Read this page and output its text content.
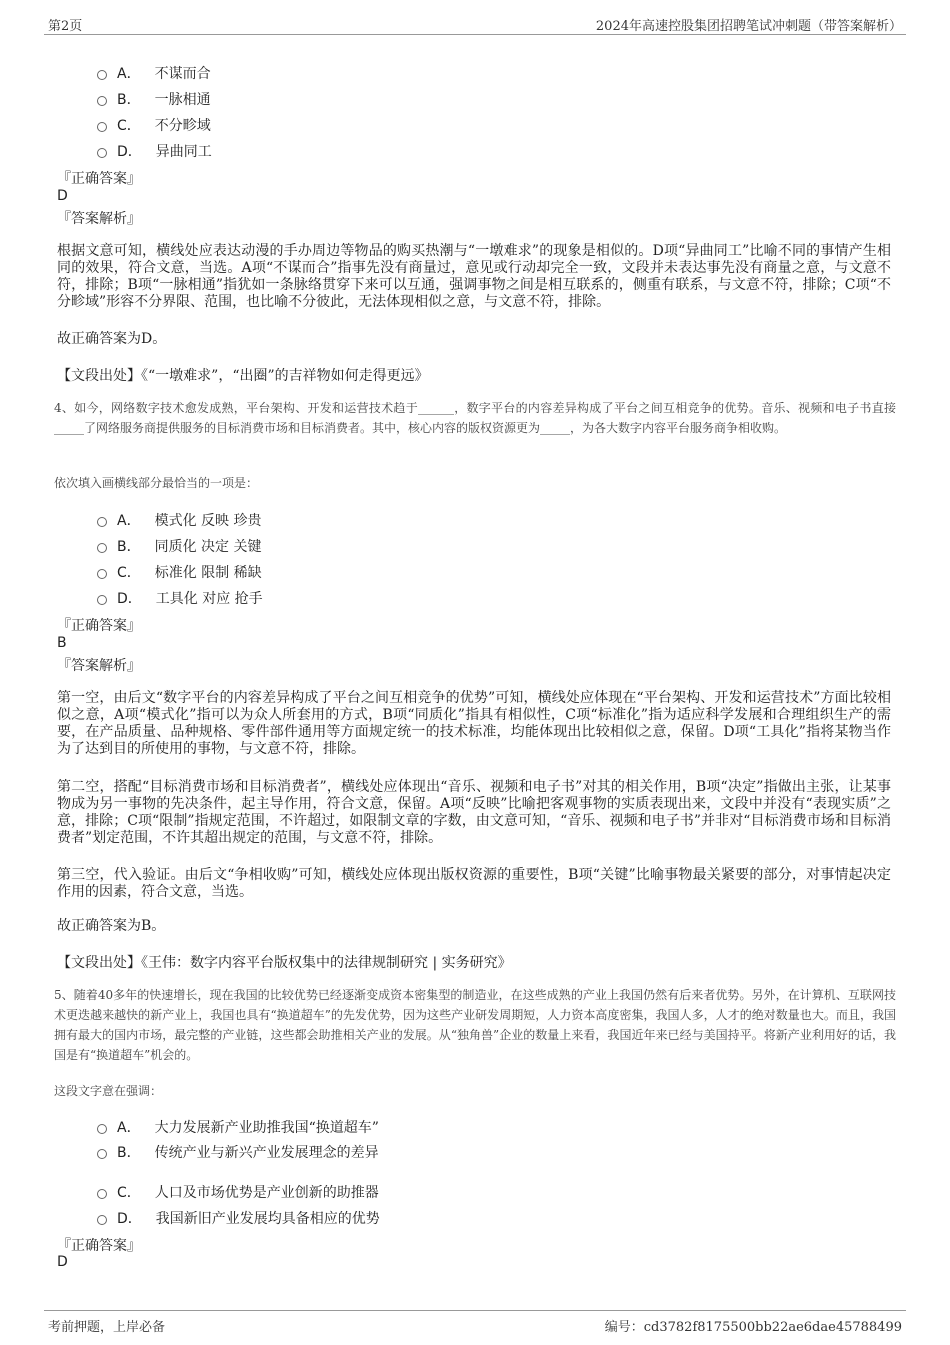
第2页	2024年高速控股集团招聘笔试冲刺题（带答案解析）
A． 不谋而合
B． 一脉相通
C． 不分畛域
D． 异曲同工
『正确答案』
D
『答案解析』
根据文意可知，横线处应表达动漫的手办周边等物品的购买热潮与“一墩难求”的现象是相似的。D项“异曲同工”比喻不同的事情产生相同的效果，符合文意，当选。A项“不谋而合”指事先没有商量过，意见或行动却完全一致，文段并未表达事先没有商量之意，与文意不符，排除；B项“一脉相通”指犹如一条脉络贯穿下来可以互通，强调事物之间是相互联系的，侧重有联系，与文意不符，排除；C项“不分畛域”形容不分界限、范围，也比喻不分彼此，无法体现相似之意，与文意不符，排除。
故正确答案为D。
【文段出处】《“一墩难求”，“出圈”的吉祥物如何走得更远》
4、如今，网络数字技术愈发成熟，平台架构、开发和运营技术趋于______，数字平台的内容差异构成了平台之间互相竞争的优势。音乐、视频和电子书直接_____了网络服务商提供服务的目标消费市场和目标消费者。其中，核心内容的版权资源更为_____，为各大数字内容平台服务商争相收购。
依次填入画横线部分最恰当的一项是：
A． 模式化 反映 珍贵
B． 同质化 决定 关键
C． 标准化 限制 稀缺
D． 工具化 对应 抢手
『正确答案』
B
『答案解析』
第一空，由后文“数字平台的内容差异构成了平台之间互相竞争的优势”可知，横线处应体现在“平台架构、开发和运营技术”方面比较相似之意，A项“模式化”指可以为众人所套用的方式，B项“同质化”指具有相似性，C项“标准化”指为适应科学发展和合理组织生产的需要，在产品质量、品种规格、零件部件通用等方面规定统一的技术标准，均能体现出比较相似之意，保留。D项“工具化”指将某物当作为了达到目的所使用的事物，与文意不符，排除。
第二空，搭配“目标消费市场和目标消费者”，横线处应体现出“音乐、视频和电子书”对其的相关作用，B项“决定”指做出主张，让某事物成为另一事物的先决条件，起主导作用，符合文意，保留。A项“反映”比喻把客观事物的实质表现出来，文段中并没有“表现实质”之意，排除；C项“限制”指规定范围，不许超过，如限制文章的字数，由文意可知，“音乐、视频和电子书”并非对“目标消费市场和目标消费者”划定范围，不许其超出规定的范围，与文意不符，排除。
第三空，代入验证。由后文“争相收购”可知，横线处应体现出版权资源的重要性，B项“关键”比喻事物最关紧要的部分，对事情起决定作用的因素，符合文意，当选。
故正确答案为B。
【文段出处】《王伟：数字内容平台版权集中的法律规制研究 | 实务研究》
5、随着40多年的快速增长，现在我国的比较优势已经逐渐变成资本密集型的制造业，在这些成熟的产业上我国仍然有后来者优势。另外，在计算机、互联网技术更迭越来越快的新产业上，我国也具有“换道超车”的先发优势，因为这些产业研发周期短，人力资本高度密集，我国人多，人才的绝对数量也大。而且，我国拥有最大的国内市场，最完整的产业链，这些都会助推相关产业的发展。从“独角兽”企业的数量上来看，我国近年来已经与美国持平。将新产业利用好的话，我国是有“换道超车”机会的。
这段文字意在强调：
A． 大力发展新产业助推我国“换道超车”
B． 传统产业与新兴产业发展理念的差异
C． 人口及市场优势是产业创新的助推器
D． 我国新旧产业发展均具备相应的优势
『正确答案』
D
考前押题，上岸必备	编号：cd3782f8175500bb22ae6dae45788499
